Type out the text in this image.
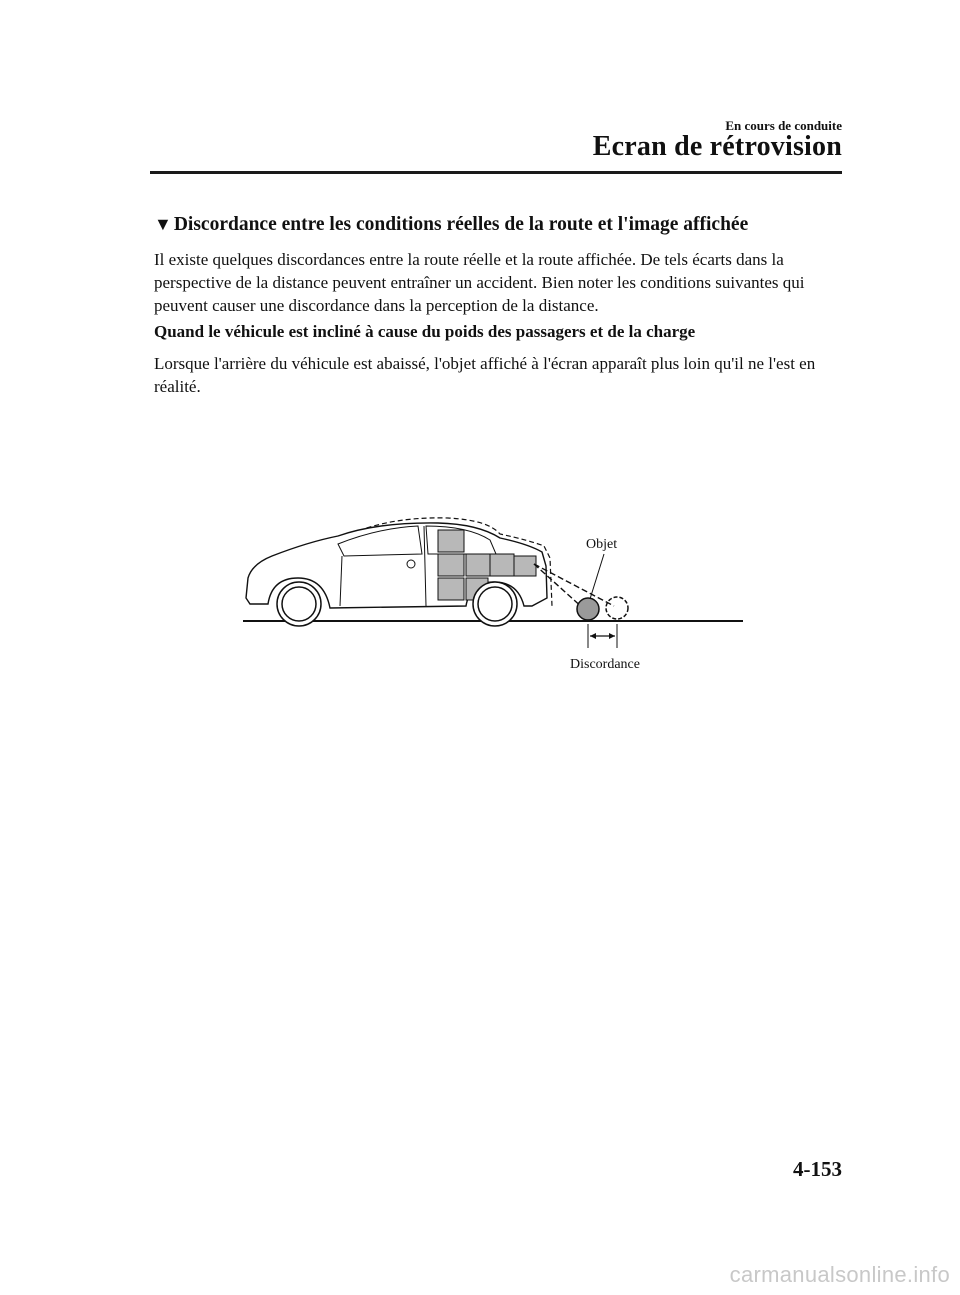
En cours de conduite
Ecran de rétrovision
▼ Discordance entre les conditions réelles de la route et l'image affichée
Il existe quelques discordances entre la route réelle et la route affichée. De tels écarts dans la perspective de la distance peuvent entraîner un accident. Bien noter les conditions suivantes qui peuvent causer une discordance dans la perception de la distance.
Quand le véhicule est incliné à cause du poids des passagers et de la charge
Lorsque l'arrière du véhicule est abaissé, l'objet affiché à l'écran apparaît plus loin qu'il ne l'est en réalité.
Objet
Discordance
4-153
carmanualsonline.info
